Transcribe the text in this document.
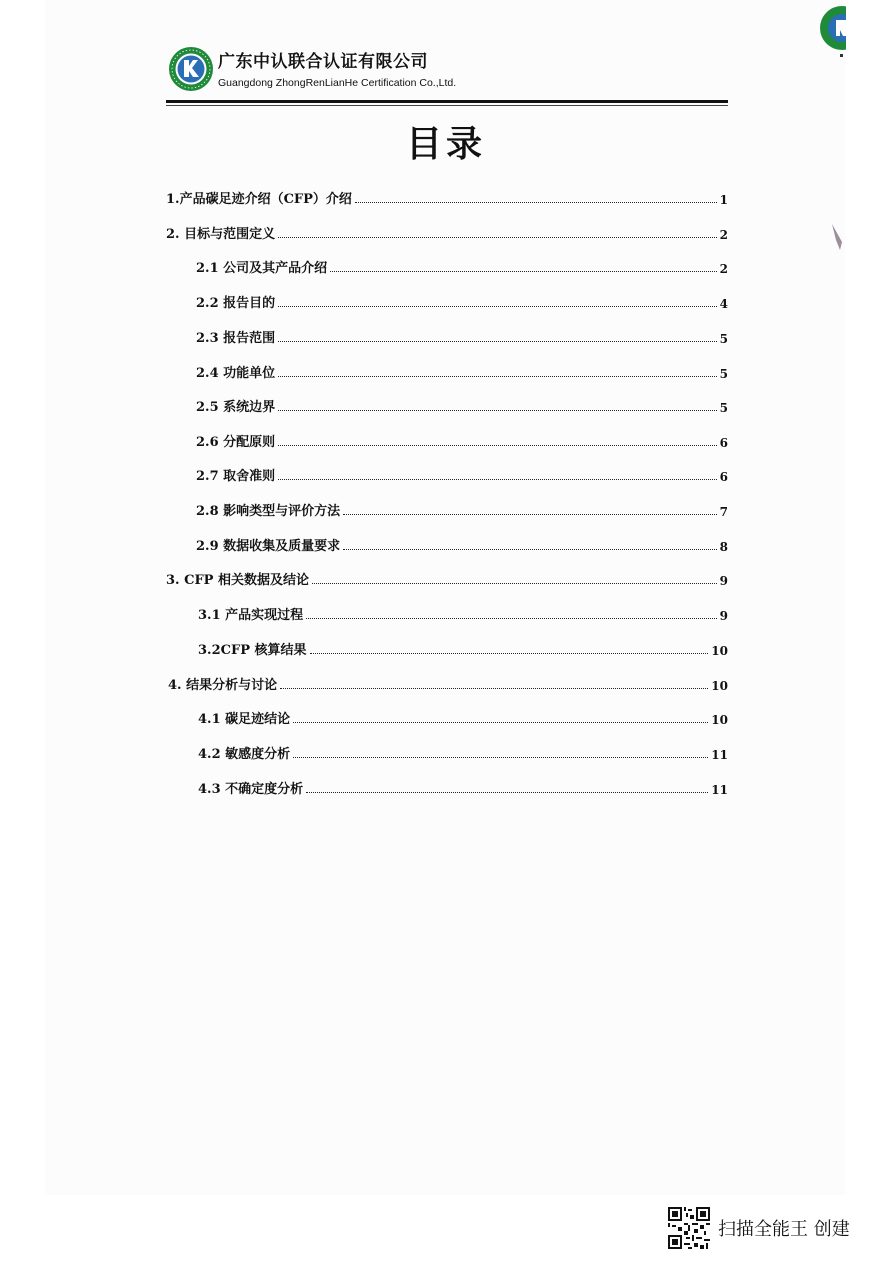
广东中认联合认证有限公司
Guangdong ZhongRenLianHe Certification Co.,Ltd.
目录
1.产品碳足迹介绍（CFP）介绍	1
2. 目标与范围定义	2
2.1 公司及其产品介绍	2
2.2 报告目的	4
2.3 报告范围	5
2.4 功能单位	5
2.5 系统边界	5
2.6 分配原则	6
2.7 取舍准则	6
2.8 影响类型与评价方法	7
2.9 数据收集及质量要求	8
3. CFP 相关数据及结论	9
3.1 产品实现过程	9
3.2CFP 核算结果	10
4. 结果分析与讨论	10
4.1 碳足迹结论	10
4.2 敏感度分析	11
4.3 不确定度分析	11
扫描全能王 创建
